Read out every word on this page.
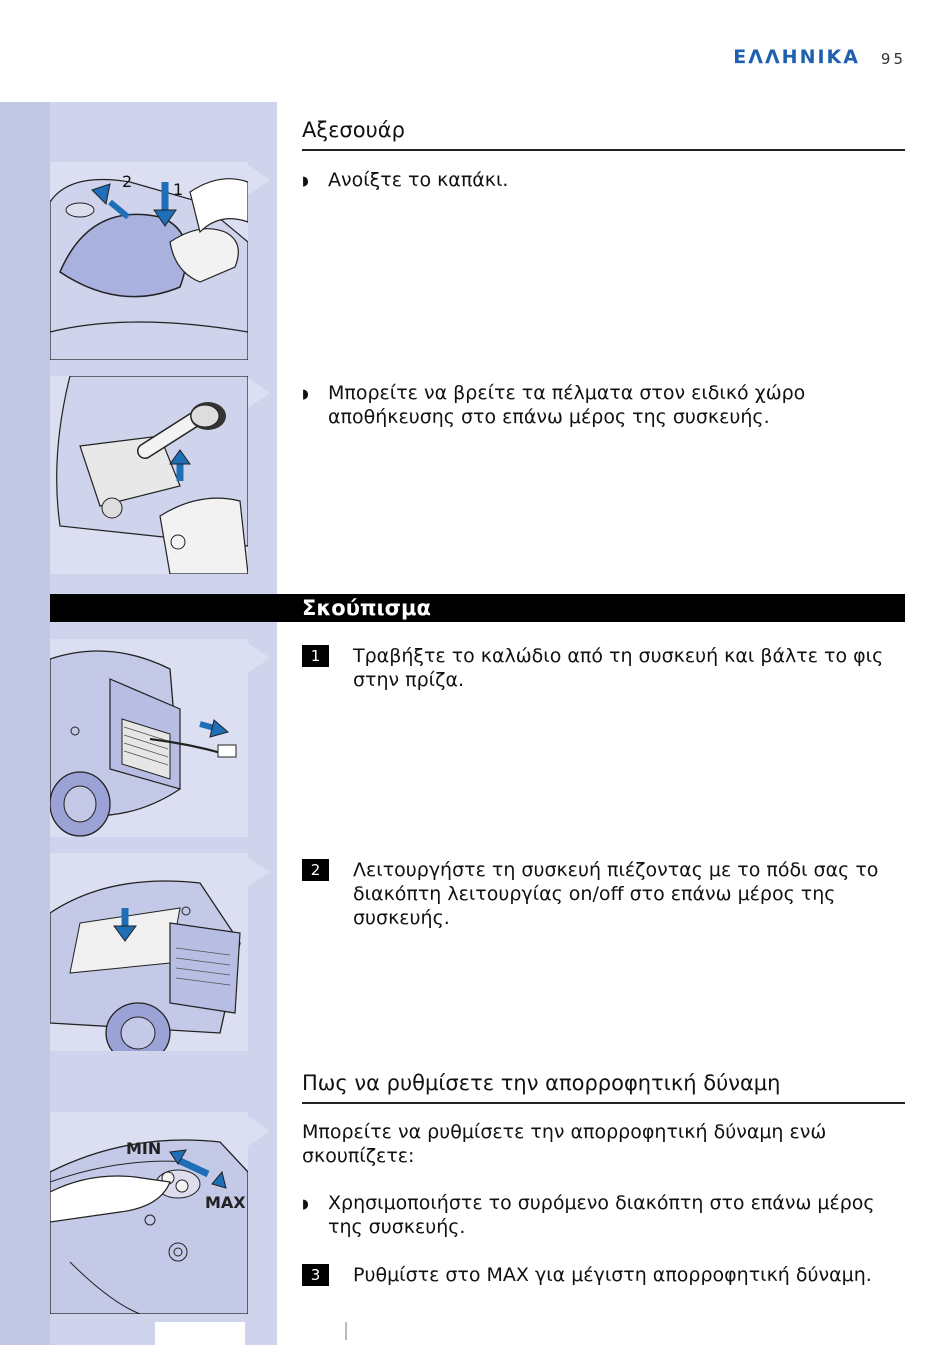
ΕΛΛΗΝΙΚΑ 95
2	1
MIN
MAX
Αξεσουάρ
◗ Ανοίξτε το καπάκι.
◗ Μπορείτε να βρείτε τα πέλματα στον ειδικό χώρο αποθήκευσης στο επάνω μέρος της συσκευής.
Σκούπισμα
1	Τραβήξτε το καλώδιο από τη συσκευή και βάλτε το φις στην πρίζα.
2	Λειτουργήστε τη συσκευή πιέζοντας με το πόδι σας το διακόπτη λειτουργίας on/off στο επάνω μέρος της συσκευής.
Πως να ρυθμίσετε την απορροφητική δύναμη
Μπορείτε να ρυθμίσετε την απορροφητική δύναμη ενώ σκουπίζετε:
◗ Χρησιμοποιήστε το συρόμενο διακόπτη στο επάνω μέρος της συσκευής.
3	Ρυθμίστε στο MAX για μέγιστη απορροφητική δύναμη.
